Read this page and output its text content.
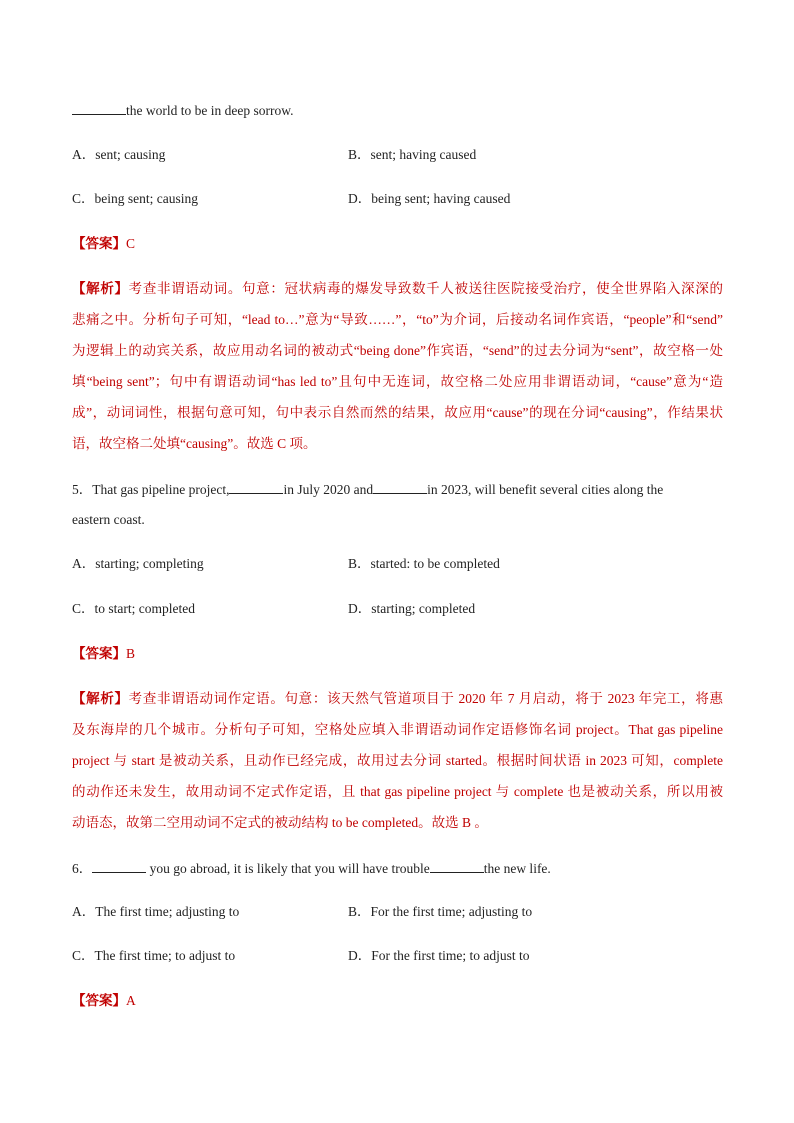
the world to be in deep sorrow.
A．sent; causing	B．sent; having caused
C．being sent; causing	D．being sent; having caused
【答案】C
【解析】考查非谓语动词。句意：冠状病毒的爆发导致数千人被送往医院接受治疗，使全世界陷入深深的
悲痛之中。分析句子可知，“lead to…”意为“导致……”，“to”为介词，后接动名词作宾语，“people”和“send”
为逻辑上的动宾关系，故应用动名词的被动式“being done”作宾语，“send”的过去分词为“sent”，故空格一处
填“being sent”；句中有谓语动词“has led to”且句中无连词，故空格二处应用非谓语动词，“cause”意为“造
成”，动词词性，根据句意可知，句中表示自然而然的结果，故应用“cause”的现在分词“causing”，作结果状
语，故空格二处填“causing”。故选 C 项。
5．That gas pipeline project,	in July 2020 and	in 2023, will benefit several cities along the
eastern coast.
A．starting; completing	B．started: to be completed
C．to start; completed	D．starting; completed
【答案】B
【解析】考查非谓语动词作定语。句意：该天然气管道项目于 2020 年 7 月启动，将于 2023 年完工，将惠
及东海岸的几个城市。分析句子可知，空格处应填入非谓语动词作定语修饰名词 project。That gas pipeline
project 与 start 是被动关系，且动作已经完成，故用过去分词 started。根据时间状语 in 2023 可知，complete
的动作还未发生，故用动词不定式作定语，且 that gas pipeline project 与 complete 也是被动关系，所以用被
动语态，故第二空用动词不定式的被动结构 to be completed。故选 B 。
6．	you go abroad, it is likely that you will have trouble	the new life.
A．The first time; adjusting to	B．For the first time; adjusting to
C．The first time; to adjust to	D．For the first time; to adjust to
【答案】A
